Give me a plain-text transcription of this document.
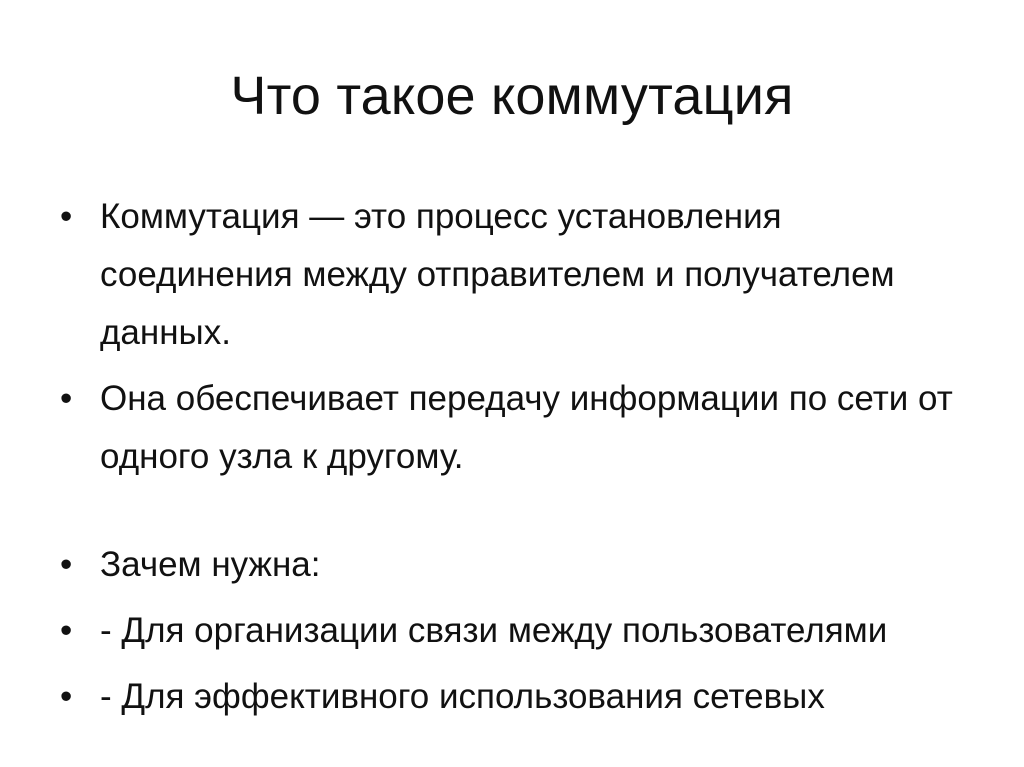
Что такое коммутация
• Коммутация — это процесс установления соединения между отправителем и получателем данных.
• Она обеспечивает передачу информации по сети от одного узла к другому.
• Зачем нужна:
• - Для организации связи между пользователями
• - Для эффективного использования сетевых
